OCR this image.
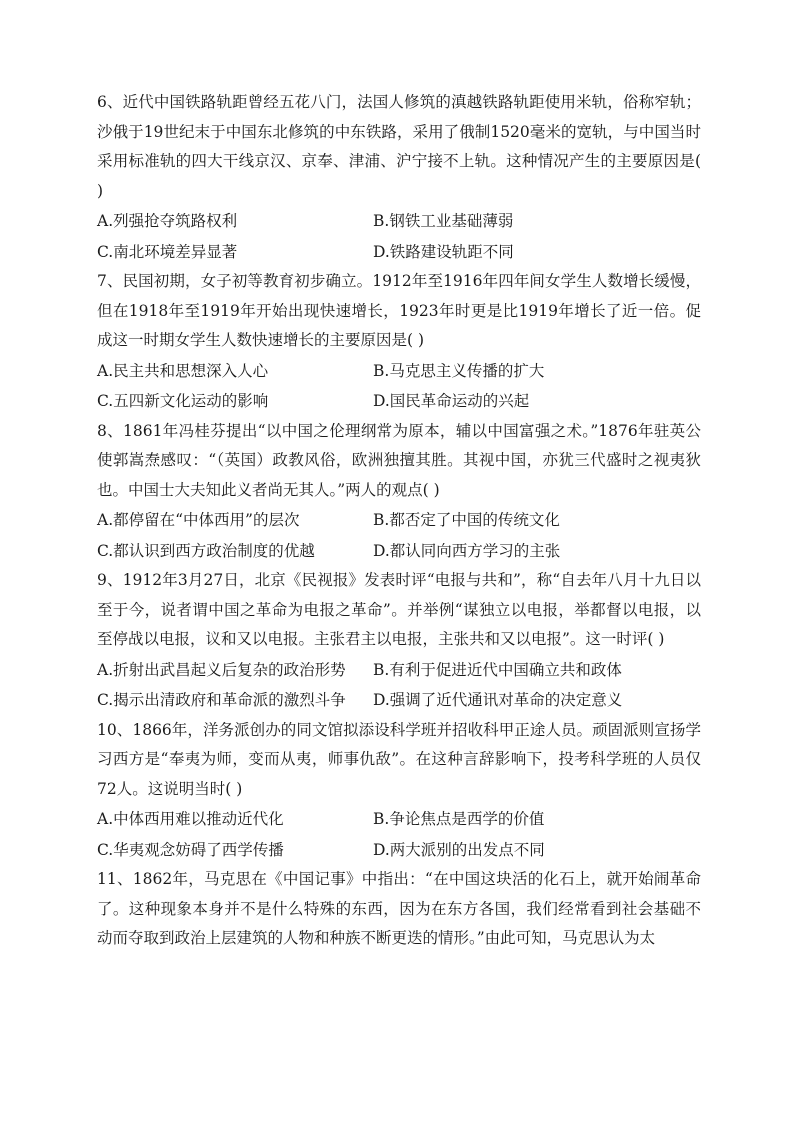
6、近代中国铁路轨距曾经五花八门，法国人修筑的滇越铁路轨距使用米轨，俗称窄轨；沙俄于19世纪末于中国东北修筑的中东铁路，采用了俄制1520毫米的宽轨，与中国当时采用标准轨的四大干线京汉、京奉、津浦、沪宁接不上轨。这种情况产生的主要原因是( )

A.列强抢夺筑路权利	B.钢铁工业基础薄弱
C.南北环境差异显著	D.铁路建设轨距不同

7、民国初期，女子初等教育初步确立。1912年至1916年四年间女学生人数增长缓慢，但在1918年至1919年开始出现快速增长，1923年时更是比1919年增长了近一倍。促成这一时期女学生人数快速增长的主要原因是( )

A.民主共和思想深入人心	B.马克思主义传播的扩大
C.五四新文化运动的影响	D.国民革命运动的兴起

8、1861年冯桂芬提出“以中国之伦理纲常为原本，辅以中国富强之术。”1876年驻英公使郭嵩焘感叹：“（英国）政教风俗，欧洲独擅其胜。其视中国，亦犹三代盛时之视夷狄也。中国士大夫知此义者尚无其人。”两人的观点( )

A.都停留在“中体西用”的层次	B.都否定了中国的传统文化
C.都认识到西方政治制度的优越	D.都认同向西方学习的主张

9、1912年3月27日，北京《民视报》发表时评“电报与共和”，称“自去年八月十九日以至于今，说者谓中国之革命为电报之革命”。并举例“谋独立以电报，举都督以电报，以至停战以电报，议和又以电报。主张君主以电报，主张共和又以电报”。这一时评( )

A.折射出武昌起义后复杂的政治形势	B.有利于促进近代中国确立共和政体
C.揭示出清政府和革命派的激烈斗争	D.强调了近代通讯对革命的决定意义

10、1866年，洋务派创办的同文馆拟添设科学班并招收科甲正途人员。顽固派则宣扬学习西方是“奉夷为师，变而从夷，师事仇敌”。在这种言辞影响下，投考科学班的人员仅72人。这说明当时( )

A.中体西用难以推动近代化	B.争论焦点是西学的价值
C.华夷观念妨碍了西学传播	D.两大派别的出发点不同

11、1862年，马克思在《中国记事》中指出：“在中国这块活的化石上，就开始闹革命了。这种现象本身并不是什么特殊的东西，因为在东方各国，我们经常看到社会基础不动而夺取到政治上层建筑的人物和种族不断更迭的情形。”由此可知，马克思认为太
